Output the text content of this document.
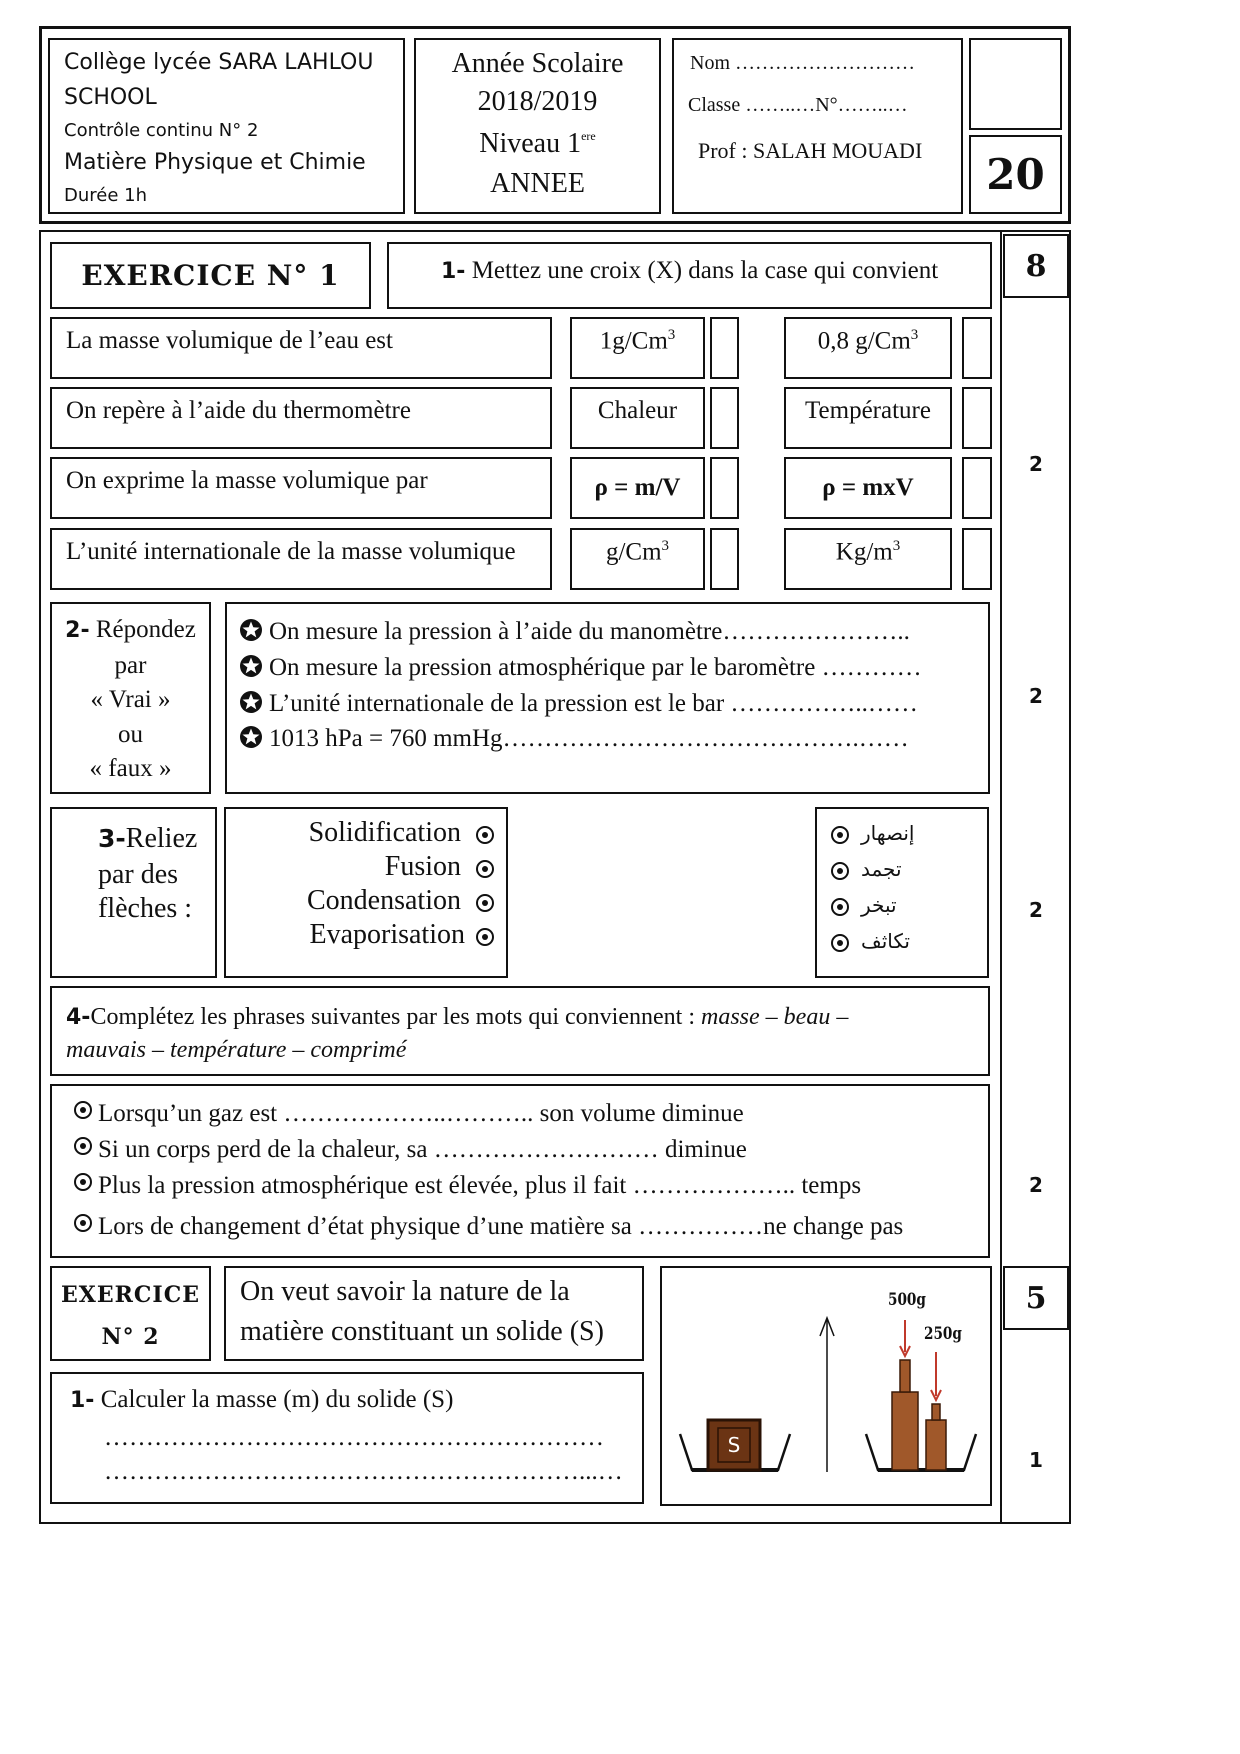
Collège lycée SARA LAHLOU
SCHOOL
Contrôle continu N° 2
Matière Physique et Chimie
Durée 1h
Année Scolaire
2018/2019
Niveau 1ere
ANNEE
Nom ………………………
Classe ……..…N°……..…
Prof : SALAH MOUADI 20
EXERCICE N° 1	8
1- Mettez une croix (X) dans la case qui convient
La masse volumique de l’eau est	1g/Cm$^3$	0,8 g/Cm$^3$
On repère à l’aide du thermomètre	Chaleur	Température
On exprime la masse volumique par	ρ = m/V	ρ = mxV
L’unité internationale de la masse volumique	g/Cm$^3$	$Kg/m^3$
2
2- Répondez
par
« Vrai »
ou
« faux »
On mesure la pression à l’aide du manomètre…………………..
On mesure la pression atmosphérique par le baromètre …………
L’unité internationale de la pression est le bar ……………..……
1013 hPa = 760 mmHg…………………………………….……
2
3-Reliez
par des
flèches :
Solidification
Fusion
Condensation
Evaporisation
إنصهار
تجمد
تبخر
تكاثف
2
4-Complétez les phrases suivantes par les mots qui conviennent : masse – beau –
mauvais – température – comprimé
Lorsqu’un gaz est ………………..……….. son volume diminue
Si un corps perd de la chaleur, sa ……………………… diminue
Plus la pression atmosphérique est élevée, plus il fait ……………….. temps
Lors de changement d’état physique d’une matière sa ……………ne change pas
2
EXERCICE
N° 2
On veut savoir la nature de la
matière constituant un solide (S)
5
1- Calculer la masse (m) du solide (S)
……………………………………………………
…………………………………………………...…	1
500g
250g
S
